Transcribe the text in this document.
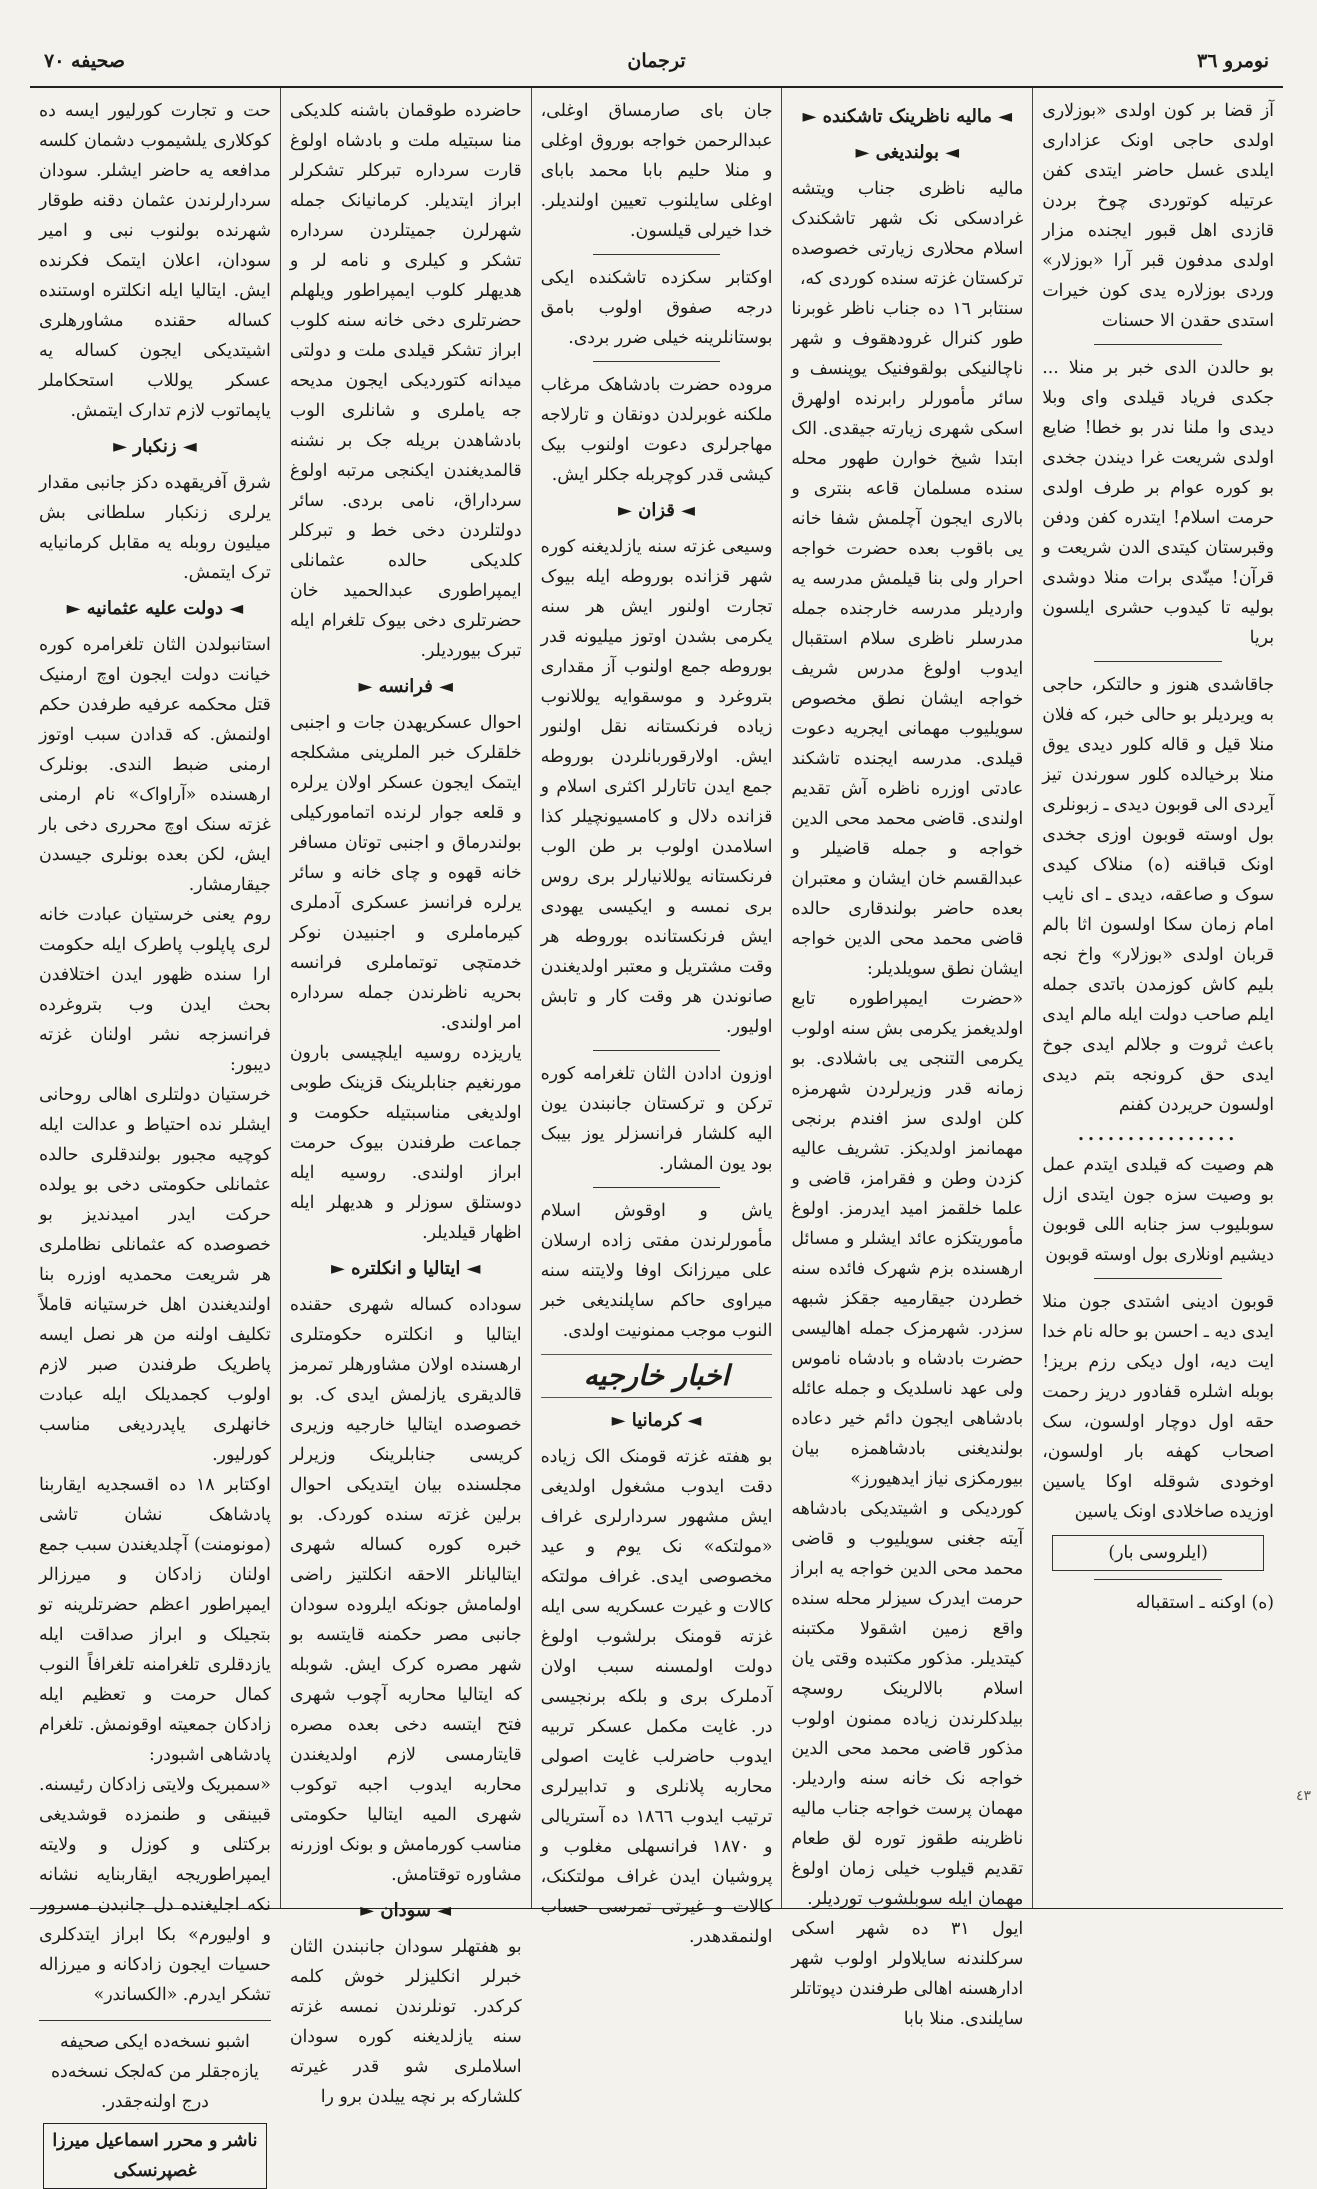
۷۰ صحیفه	ترجمان	نومرو ٣٦
آز قضا بر کون اولدی «بوزلاری اولدی حاجی اونک عزاداری ایلدی غسل حاضر ایتدی کفن عرتیله کوتوردی چوخ بردن قازدی اهل قبور ایجنده مزار اولدی مدفون قبر آرا «بوزلار» وردی بوزلاره یدی کون خیرات استدی حقدن الا حسنات
بو حالدن الدی خبر بر منلا ... جکدی فریاد قیلدی وای وبلا دیدی وا ملنا ندر بو خطا! ضایع اولدی شریعت غرا دیندن جخدی بو کوره عوام بر طرف اولدی حرمت اسلام! ایتدره کفن ودفن وقبرستان کیتدی الدن شریعت و قرآن! مینّدی برات منلا دوشدی بولیه تا کیدوب حشری ایلسون بریا
جاقاشدی هنوز و حالتکر، حاجی به ویردیلر بو حالی خبر، که فلان منلا قیل و قاله کلور دیدی یوق منلا برخیالده کلور سورندن تیز آیردی الی قوبون دیدی ـ زبونلری بول اوسته قوبون اوزی جخدی اونک قباقنه (ه) منلاک کیدی سوک و صاعقه، دیدی ـ ای نایب امام زمان سکا اولسون اثا بالم قربان اولدی «بوزلار» واخ نجه بلیم کاش کوزمدن باتدی جمله ایلم صاحب دولت ایله مالم ایدی باعث ثروت و جلالم ایدی جوخ ایدی حق کرونجه بتم دیدی اولسون حریردن کفنم
................
هم وصیت که قیلدی ایتدم عمل بو وصیت سزه جون ایتدی ازل سوبلیوب سز جنابه اللی قوبون دیشیم اونلاری بول اوسته قوبون
قوبون ادینی اشتدی جون منلا ایدی دیه ـ احسن بو حاله نام خدا ایت دیه، اول دیکی رزم بریز! بوبله اشلره قفادور دریز رحمت حقه اول دوچار اولسون، سک اصحاب کهفه بار اولسون، اوخودی شوقله اوکا یاسین اوزیده صاخلادی اونک یاسین
(ایلروسی بار)
(ه) اوکنه ـ استقباله
◄ مالیه ناظرینک تاشکنده ►
◄ بولندیغی ►
مالیه ناظری جناب ویتشه غرادسکی نک شهر تاشکندک اسلام محلاری زیارتی خصوصده ترکستان غزته سنده کوردی که،
سنتابر ١٦ ده جناب ناظر غوبرنا طور کنرال غرودهقوف و شهر ناچالنیکی بولقوفنیک یوپنسف و سائر مأمورلر رابرنده اولهرق اسکی شهری زیارته جیقدی. الک ابتدا شیخ خوارن طهور محله سنده مسلمان قاعه بنتری و بالاری ایجون آچلمش شفا خانه یی باقوب بعده حضرت خواجه احرار ولی بنا قیلمش مدرسه یه واردیلر مدرسه خارجنده جمله مدرسلر ناظری سلام استقبال ایدوب اولوغ مدرس شریف خواجه ایشان نطق مخصوص سویلیوب مهمانی ایجریه دعوت قیلدی. مدرسه ایجنده تاشکند عادتی اوزره ناظره آش تقدیم اولندی. قاضی محمد محی الدین خواجه و جمله قاضیلر و عبدالقسم خان ایشان و معتبران بعده حاضر بولندقاری حالده قاضی محمد محی الدین خواجه ایشان نطق سویلدیلر:
«حضرت ایمپراطوره تابع اولدیغمز یکرمی بش سنه اولوب یکرمی التنجی یی باشلادی. بو زمانه قدر وزیرلردن شهرمزه کلن اولدی سز افندم برنجی مهمانمز اولدیکز. تشریف عالیه کزدن وطن و فقرامز، قاضی و علما خلقمز امید ایدرمز. اولوغ مأموریتکزه عائد ایشلر و مسائل ارهسنده بزم شهرک فائده سنه خطردن جیقارمیه جقکز شبهه سزدر. شهرمزک جمله اهالیسی حضرت بادشاه و بادشاه ناموس ولی عهد ناسلدیک و جمله عائله بادشاهی ایجون دائم خیر دعاده بولندیغنی بادشاهمزه بیان بیورمکزی نیاز ایدهیورز»
کوردیکی و اشیتدیکی بادشاهه آیته جغنی سویلیوب و قاضی محمد محی الدین خواجه یه ابراز حرمت ایدرک سیزلر محله سنده واقع زمین اشقولا مکتبنه کیتدیلر. مذکور مکتبده وقتی یان اسلام بالالرینک روسچه بیلدکلرندن زیاده ممنون اولوب مذکور قاضی محمد محی الدین خواجه نک خانه سنه واردیلر. مهمان پرست خواجه جناب مالیه ناظرینه طقوز توره لق طعام تقدیم قیلوب خیلی زمان اولوغ مهمان ایله سوبلشوب توردیلر.
ایول ٣١ ده شهر اسکی سرکلندنه سایلاولر اولوب شهر ادارهسنه اهالی طرفندن دپوتاتلر سایلندی. منلا بابا
جان بای صارمساق اوغلی، عبدالرحمن خواجه بوروق اوغلی و منلا حلیم بابا محمد بابای اوغلی سایلنوب تعیین اولندیلر. خدا خیرلی قیلسون.
اوکتابر سکزده تاشکنده ایکی درجه صفوق اولوب بامق بوستانلرینه خیلی ضرر بردی.
مروده حضرت بادشاهک مرغاب ملکنه غوبرلدن دونقان و تارلاجه مهاجرلری دعوت اولنوب بیک کیشی قدر کوچربله جکلر ایش.
◄ قزان ►
وسیعی غزته سنه یازلدیغنه کوره شهر قزانده بوروطه ایله بیوک تجارت اولنور ایش هر سنه یکرمی بشدن اوتوز میلیونه قدر بوروطه جمع اولنوب آز مقداری بتروغرد و موسقوایه یوللانوب زیاده فرنکستانه نقل اولنور ایش. اولارقوربانلردن بوروطه جمع ایدن تاتارلر اکثری اسلام و قزانده دلال و کامسیونچیلر کذا اسلامدن اولوب بر طن الوب فرنکستانه یوللانیارلر بری روس بری نمسه و ایکیسی یهودی ایش فرنکستانده بوروطه هر وقت مشتریل و معتبر اولدیغندن صانوندن هر وقت کار و تابش اولیور.
اوزون ادادن الثان تلغرامه کوره ترکن و ترکستان جانبندن یون الیه کلشار فرانسزلر یوز بیبک بود یون المشار.
یاش و اوقوش اسلام مأمورلرندن مفتی زاده ارسلان علی میرزانک اوفا ولایتنه سنه میراوی حاکم ساپلندیغی خبر النوب موجب ممنونیت اولدی.
اخبار خارجیه
◄ کرمانیا ►
بو هفته غزته قومنک الک زیاده دقت ایدوب مشغول اولدیغی ایش مشهور سردارلری غراف «مولتکه» نک یوم و عید مخصوصی ایدی. غراف مولتکه کالات و غیرت عسکریه سی ایله غزته قومنک برلشوب اولوغ دولت اولمسنه سبب اولان آدملرک بری و بلکه برنجیسی در. غایت مکمل عسکر تربیه ایدوب حاضرلب غایت اصولی محاربه پلانلری و تدابیرلری ترتیب ایدوب ١٨٦٦ ده آستریالی و ١٨٧٠ فرانسهلی مغلوب و پروشیان ایدن غراف مولتکنک، کالات و غیرتی تمرسی حساب اولنمقدهدر.
حاضرده طوقمان باشنه کلدیکی منا سبتیله ملت و بادشاه اولوغ قارت سرداره تبرکلر تشکرلر ابراز ایتدیلر. کرمانیانک جمله شهرلرن جمیتلردن سرداره تشکر و کیلری و نامه لر و هدیهلر کلوب ایمپراطور ویلهلم حضرتلری دخی خانه سنه کلوب ابراز تشکر قیلدی ملت و دولتی میدانه کتوردیکی ایجون مدیحه جه یاملری و شانلری الوب بادشاهدن بریله جک بر نشنه قالمدیغندن ایکنجی مرتبه اولوغ سرداراق، نامی بردی. سائر دولتلردن دخی خط و تبرکلر کلدیکی حالده عثمانلی ایمپراطوری عبدالحمید خان حضرتلری دخی بیوک تلغرام ایله تبرک بیوردیلر.
◄ فرانسه ►
احوال عسکریهدن جات و اجنبی خلقلرک خبر الملرینی مشکلجه ایتمک ایجون عسکر اولان یرلره و قلعه جوار لرنده اتمامورکیلی بولندرماق و اجنبی توتان مسافر خانه قهوه و چای خانه و سائر یرلره فرانسز عسکری آدملری کیرماملری و اجنبیدن نوکر خدمتچی توتماملری فرانسه بحریه ناظرندن جمله سرداره امر اولندی.
یاریزده روسیه ایلچیسی بارون مورنغیم جنابلرینک قزینک طوبی اولدیغی مناسبتیله حکومت و جماعت طرفندن بیوک حرمت ابراز اولندی. روسیه ایله دوستلق سوزلر و هدیهلر ایله اظهار قیلدیلر.
◄ ایتالیا و انکلتره ►
سوداده کساله شهری حقنده ایتالیا و انکلتره حکومتلری ارهسنده اولان مشاورهلر تمرمز قالدیقری یازلمش ایدی ک. بو خصوصده ایتالیا خارجیه وزیری کریسی جنابلرینک وزیرلر مجلسنده بیان ایتدیکی احوال برلین غزته سنده کوردک. بو خبره کوره کساله شهری ایتالیانلر الاحقه انکلتیز راضی اولمامش جونکه ایلروده سودان جانبی مصر حکمنه قایتسه بو شهر مصره کرک ایش. شوبله که ایتالیا محاربه آچوب شهری فتح ایتسه دخی بعده مصره قایتارمسی لازم اولدیغندن محاربه ایدوب اجبه توکوب شهری المیه ایتالیا حکومتی مناسب کورمامش و بونک اوزرنه مشاوره توقتامش.
◄ سودان ►
بو هفتهلر سودان جانبندن الثان خبرلر انکلیزلر خوش کلمه کرکدر. تونلرندن نمسه غزته سنه یازلدیغنه کوره سودان اسلاملری شو قدر غیرته کلشارکه بر نچه ییلدن برو را
حت و تجارت کورلیور ایسه ده کوکلاری یلشیموب دشمان کلسه مدافعه یه حاضر ایشلر. سودان سردارلرندن عثمان دقنه طوقار شهرنده بولنوب نبی و امیر سودان، اعلان ایتمک فکرنده ایش. ایتالیا ایله انکلتره اوستنده کساله حقنده مشاورهلری اشیتدیکی ایجون کساله یه عسکر یوللاب استحکاملر یاپماتوب لازم تدارک ایتمش.
◄ زنکبار ►
شرق آفریقهده دکز جانبی مقدار یرلری زنکبار سلطانی بش میلیون روبله یه مقابل کرمانیایه ترک ایتمش.
◄ دولت علیه عثمانیه ►
استانبولدن الثان تلغرامره کوره خیانت دولت ایجون اوچ ارمنیک قتل محکمه عرفیه طرفدن حکم اولنمش. که قدادن سبب اوتوز ارمنی ضبط الندی. بونلرک ارهسنده «آراواک» نام ارمنی غزته سنک اوچ محرری دخی بار ایش، لکن بعده بونلری جیسدن جیقارمشار.
روم یعنی خرستیان عبادت خانه لری پاپلوب پاطرک ایله حکومت ارا سنده ظهور ایدن اختلافدن بحث ایدن وب بتروغرده فرانسزجه نشر اولنان غزته دیبور:
خرستیان دولتلری اهالی روحانی ایشلر نده احتیاط و عدالت ایله کوچیه مجبور بولندقلری حالده عثمانلی حکومتی دخی بو یولده حرکت ایدر امیدندیز بو خصوصده که عثمانلی نظاملری هر شریعت محمدیه اوزره بنا اولندیغندن اهل خرستیانه قاملاً تکلیف اولنه من هر نصل ایسه پاطریک طرفندن صبر لازم اولوب کجمدیلک ایله عبادت خانهلری یاپدردیغی مناسب کورلیور.
اوکتابر ١٨ ده اقسجدیه ایقاربنا پادشاهک نشان تاشی (مونومنت) آچلدیغندن سبب جمع اولنان زادکان و میرزالر ایمپراطور اعظم حضرتلرینه تو بتجیلک و ابراز صداقت ایله یازدقلری تلغرامنه تلغرافاً النوب کمال حرمت و تعظیم ایله زادکان جمعیته اوقونمش. تلغرام پادشاهی اشبودر:
«سمبریک ولایتی زادکان رئیسنه. قبینقی و طنمزده قوشدیغی برکتلی و کوزل و ولایته ایمپراطوریجه ایقاربنایه نشانه نکه اجلیغنده دل جانبدن مسرور و اولیورم» بکا ابراز ایتدکلری حسیات ایجون زادکانه و میرزاله تشکر ایدرم. «الکساندر»
اشبو نسخه‌ده ایکی صحیفه یازه‌جقلر من که‌لجک نسخه‌ده درج اولنه‌جقدر.
ناشر و محرر اسماعیل میرزا غصپرنسکی
٤٣
